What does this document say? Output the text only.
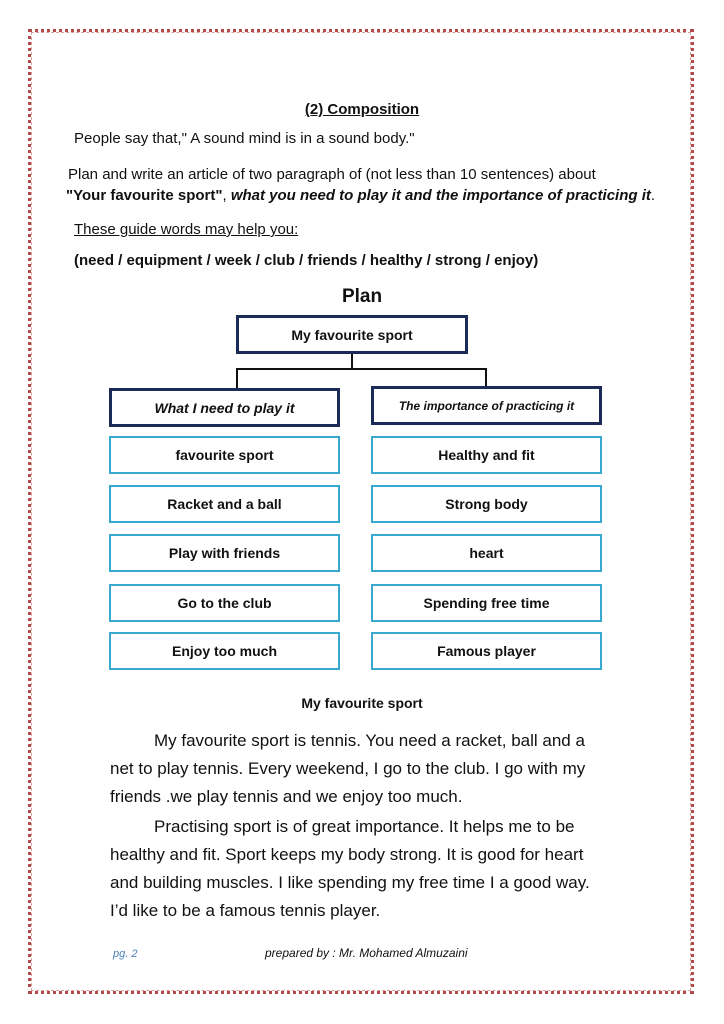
(2) Composition
People say that," A sound mind is in a sound body."
Plan and write an article of two paragraph of (not less than 10 sentences) about
"Your favourite sport", what you need to play it and the importance of practicing it.
These guide words may help you:
(need / equipment / week / club / friends / healthy / strong / enjoy)
Plan
My favourite sport
What I need to play it	The importance of practicing it
favourite sport
Racket and a ball
Play with friends
Go to the club
Enjoy too much
Healthy and fit
Strong body
heart
Spending free time
Famous player
My favourite sport

My favourite sport is tennis. You need a racket, ball and a

net to play tennis. Every weekend, I go to the club. I go with my

friends .we play tennis and we enjoy too much.

Practising sport is of great importance. It helps me to be

healthy and fit. Sport keeps my body strong. It is good for heart

and building muscles. I like spending my free time I a good way.

I’d like to be a famous tennis player.

pg. 2	prepared by : Mr. Mohamed Almuzaini
